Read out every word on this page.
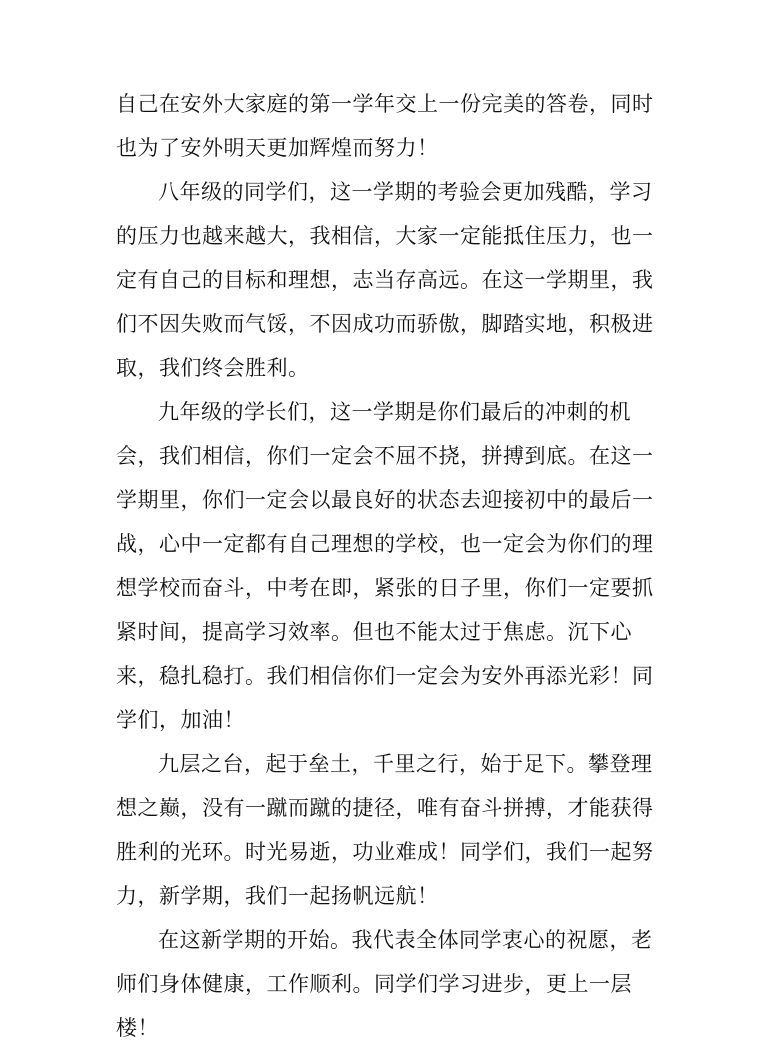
自己在安外大家庭的第一学年交上一份完美的答卷，同时
也为了安外明天更加辉煌而努力！
八年级的同学们，这一学期的考验会更加残酷，学习
的压力也越来越大，我相信，大家一定能抵住压力，也一
定有自己的目标和理想，志当存高远。在这一学期里，我
们不因失败而气馁，不因成功而骄傲，脚踏实地，积极进
取，我们终会胜利。
九年级的学长们，这一学期是你们最后的冲刺的机
会，我们相信，你们一定会不屈不挠，拼搏到底。在这一
学期里，你们一定会以最良好的状态去迎接初中的最后一
战，心中一定都有自己理想的学校，也一定会为你们的理
想学校而奋斗，中考在即，紧张的日子里，你们一定要抓
紧时间，提高学习效率。但也不能太过于焦虑。沉下心
来，稳扎稳打。我们相信你们一定会为安外再添光彩！同
学们，加油！
九层之台，起于垒土，千里之行，始于足下。攀登理
想之巅，没有一蹴而蹴的捷径，唯有奋斗拼搏，才能获得
胜利的光环。时光易逝，功业难成！同学们，我们一起努
力，新学期，我们一起扬帆远航！
在这新学期的开始。我代表全体同学衷心的祝愿，老
师们身体健康，工作顺利。同学们学习进步，更上一层
楼！
